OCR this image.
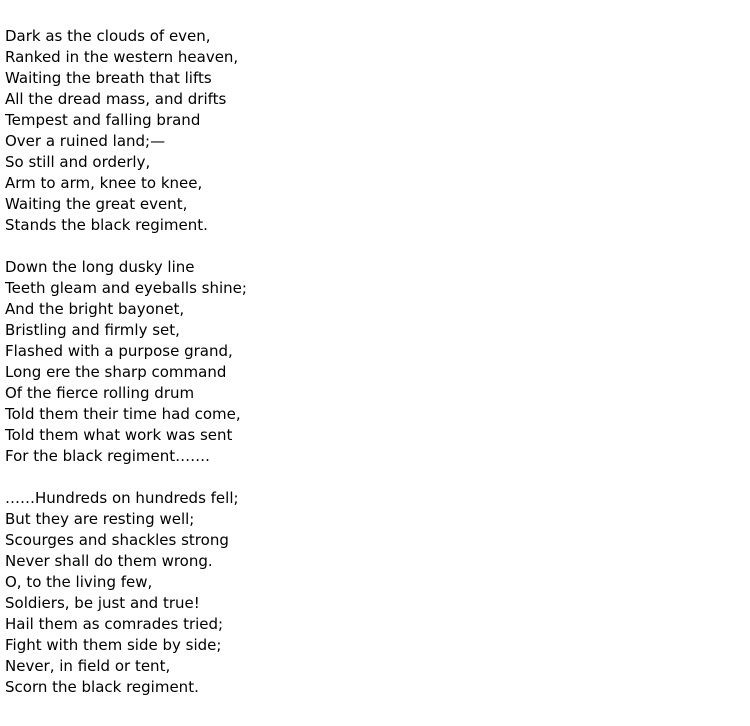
Dark as the clouds of even,
Ranked in the western heaven,
Waiting the breath that lifts
All the dread mass, and drifts
Tempest and falling brand
Over a ruined land;—
So still and orderly,
Arm to arm, knee to knee,
Waiting the great event,
Stands the black regiment.
Down the long dusky line
Teeth gleam and eyeballs shine;
And the bright bayonet,
Bristling and firmly set,
Flashed with a purpose grand,
Long ere the sharp command
Of the fierce rolling drum
Told them their time had come,
Told them what work was sent
For the black regiment…….
……Hundreds on hundreds fell;
But they are resting well;
Scourges and shackles strong
Never shall do them wrong.
O, to the living few,
Soldiers, be just and true!
Hail them as comrades tried;
Fight with them side by side;
Never, in field or tent,
Scorn the black regiment.
